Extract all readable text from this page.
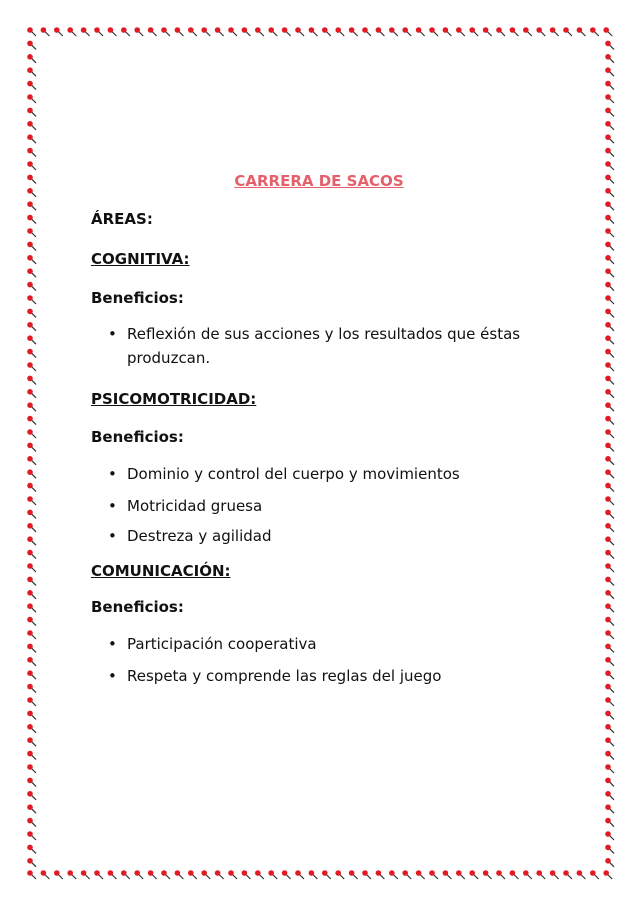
CARRERA DE SACOS
ÁREAS:
COGNITIVA:
Beneficios:
• Reflexión de sus acciones y los resultados que éstas produzcan.
PSICOMOTRICIDAD:
Beneficios:
• Dominio y control del cuerpo y movimientos
• Motricidad gruesa
• Destreza y agilidad
COMUNICACIÓN:
Beneficios:
• Participación cooperativa
• Respeta y comprende las reglas del juego
